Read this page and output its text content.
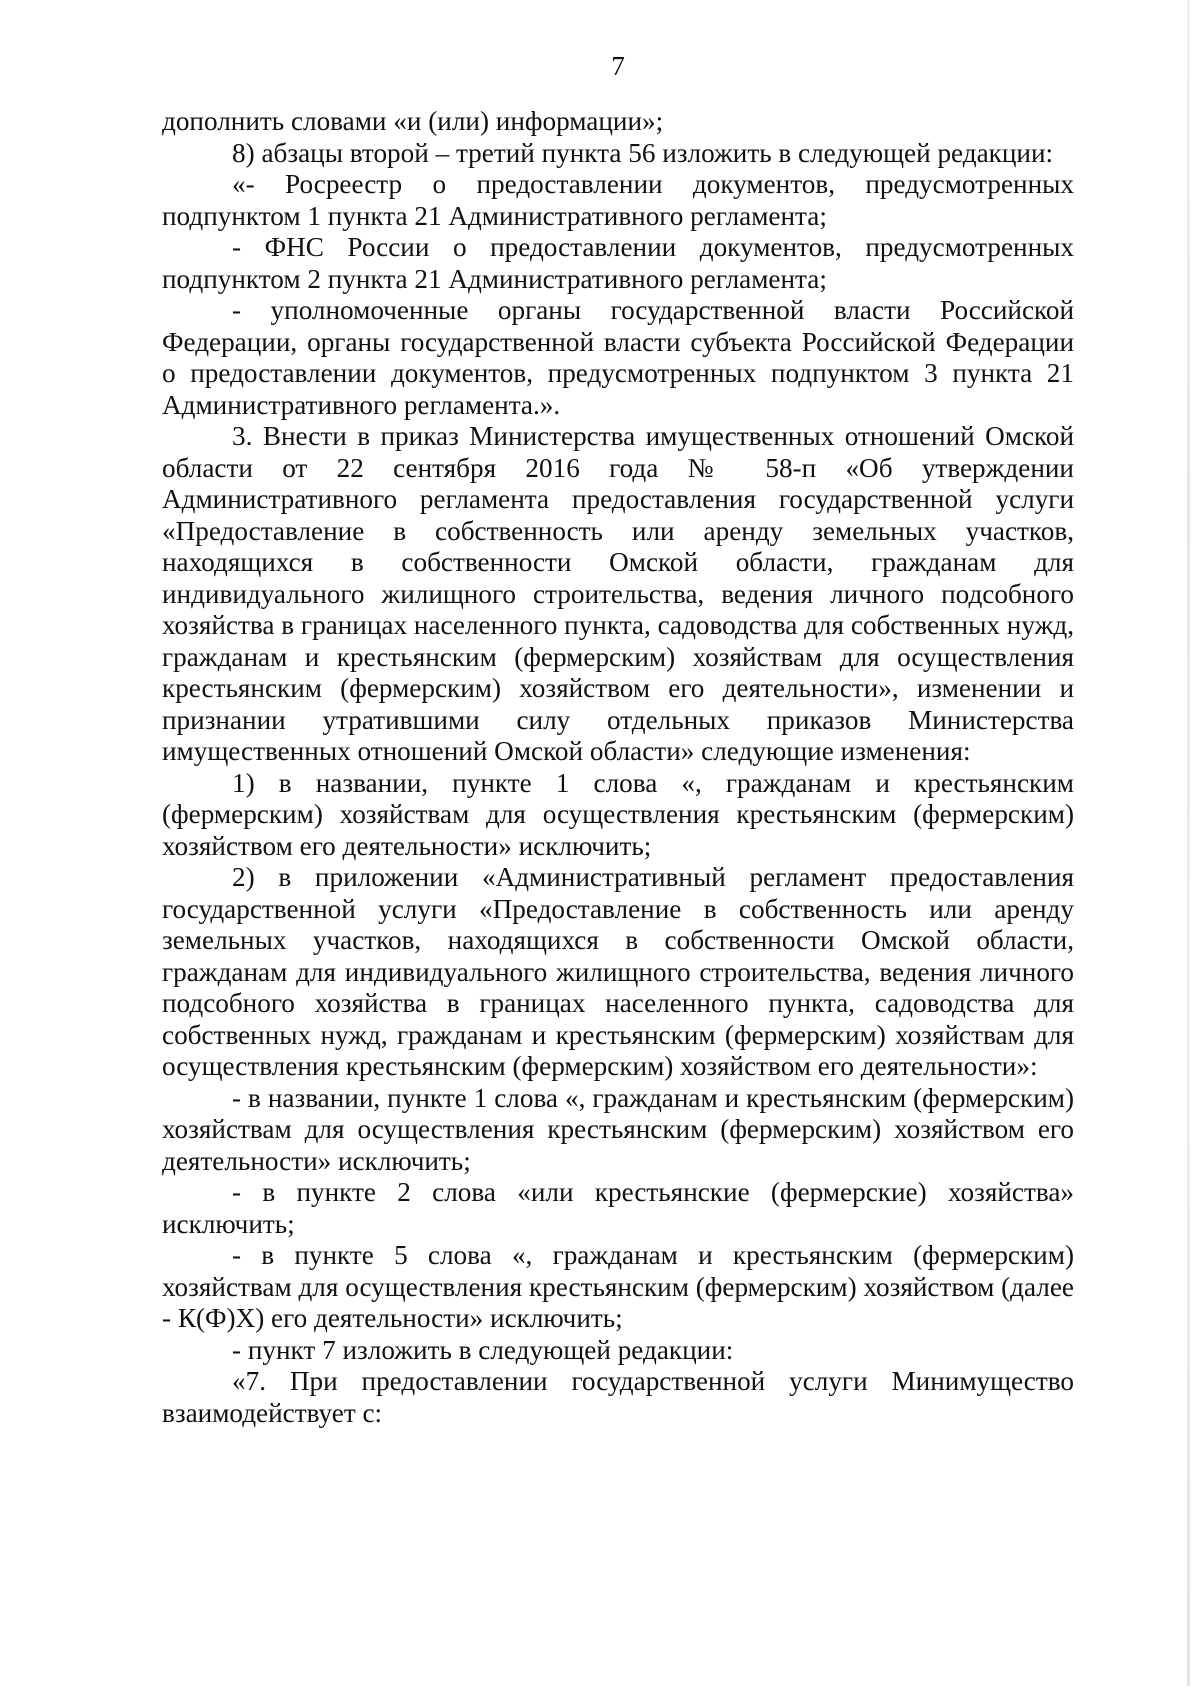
7

дополнить словами «и (или) информации»;

8) абзацы второй – третий пункта 56 изложить в следующей редакции:

«- Росреестр о предоставлении документов, предусмотренных подпунктом 1 пункта 21 Административного регламента;

- ФНС России о предоставлении документов, предусмотренных подпунктом 2 пункта 21 Административного регламента;

- уполномоченные органы государственной власти Российской Федерации, органы государственной власти субъекта Российской Федерации о предоставлении документов, предусмотренных подпунктом 3 пункта 21 Административного регламента.».

3. Внести в приказ Министерства имущественных отношений Омской области от 22 сентября 2016 года № 58-п «Об утверждении Административного регламента предоставления государственной услуги «Предоставление в собственность или аренду земельных участков, находящихся в собственности Омской области, гражданам для индивидуального жилищного строительства, ведения личного подсобного хозяйства в границах населенного пункта, садоводства для собственных нужд, гражданам и крестьянским (фермерским) хозяйствам для осуществления крестьянским (фермерским) хозяйством его деятельности», изменении и признании утратившими силу отдельных приказов Министерства имущественных отношений Омской области» следующие изменения:

1) в названии, пункте 1 слова «, гражданам и крестьянским (фермерским) хозяйствам для осуществления крестьянским (фермерским) хозяйством его деятельности» исключить;

2) в приложении «Административный регламент предоставления государственной услуги «Предоставление в собственность или аренду земельных участков, находящихся в собственности Омской области, гражданам для индивидуального жилищного строительства, ведения личного подсобного хозяйства в границах населенного пункта, садоводства для собственных нужд, гражданам и крестьянским (фермерским) хозяйствам для осуществления крестьянским (фермерским) хозяйством его деятельности»:

- в названии, пункте 1 слова «, гражданам и крестьянским (фермерским) хозяйствам для осуществления крестьянским (фермерским) хозяйством его деятельности» исключить;

- в пункте 2 слова «или крестьянские (фермерские) хозяйства» исключить;

- в пункте 5 слова «, гражданам и крестьянским (фермерским) хозяйствам для осуществления крестьянским (фермерским) хозяйством (далее - К(Ф)Х) его деятельности» исключить;

- пункт 7 изложить в следующей редакции:

«7. При предоставлении государственной услуги Минимущество взаимодействует с:
